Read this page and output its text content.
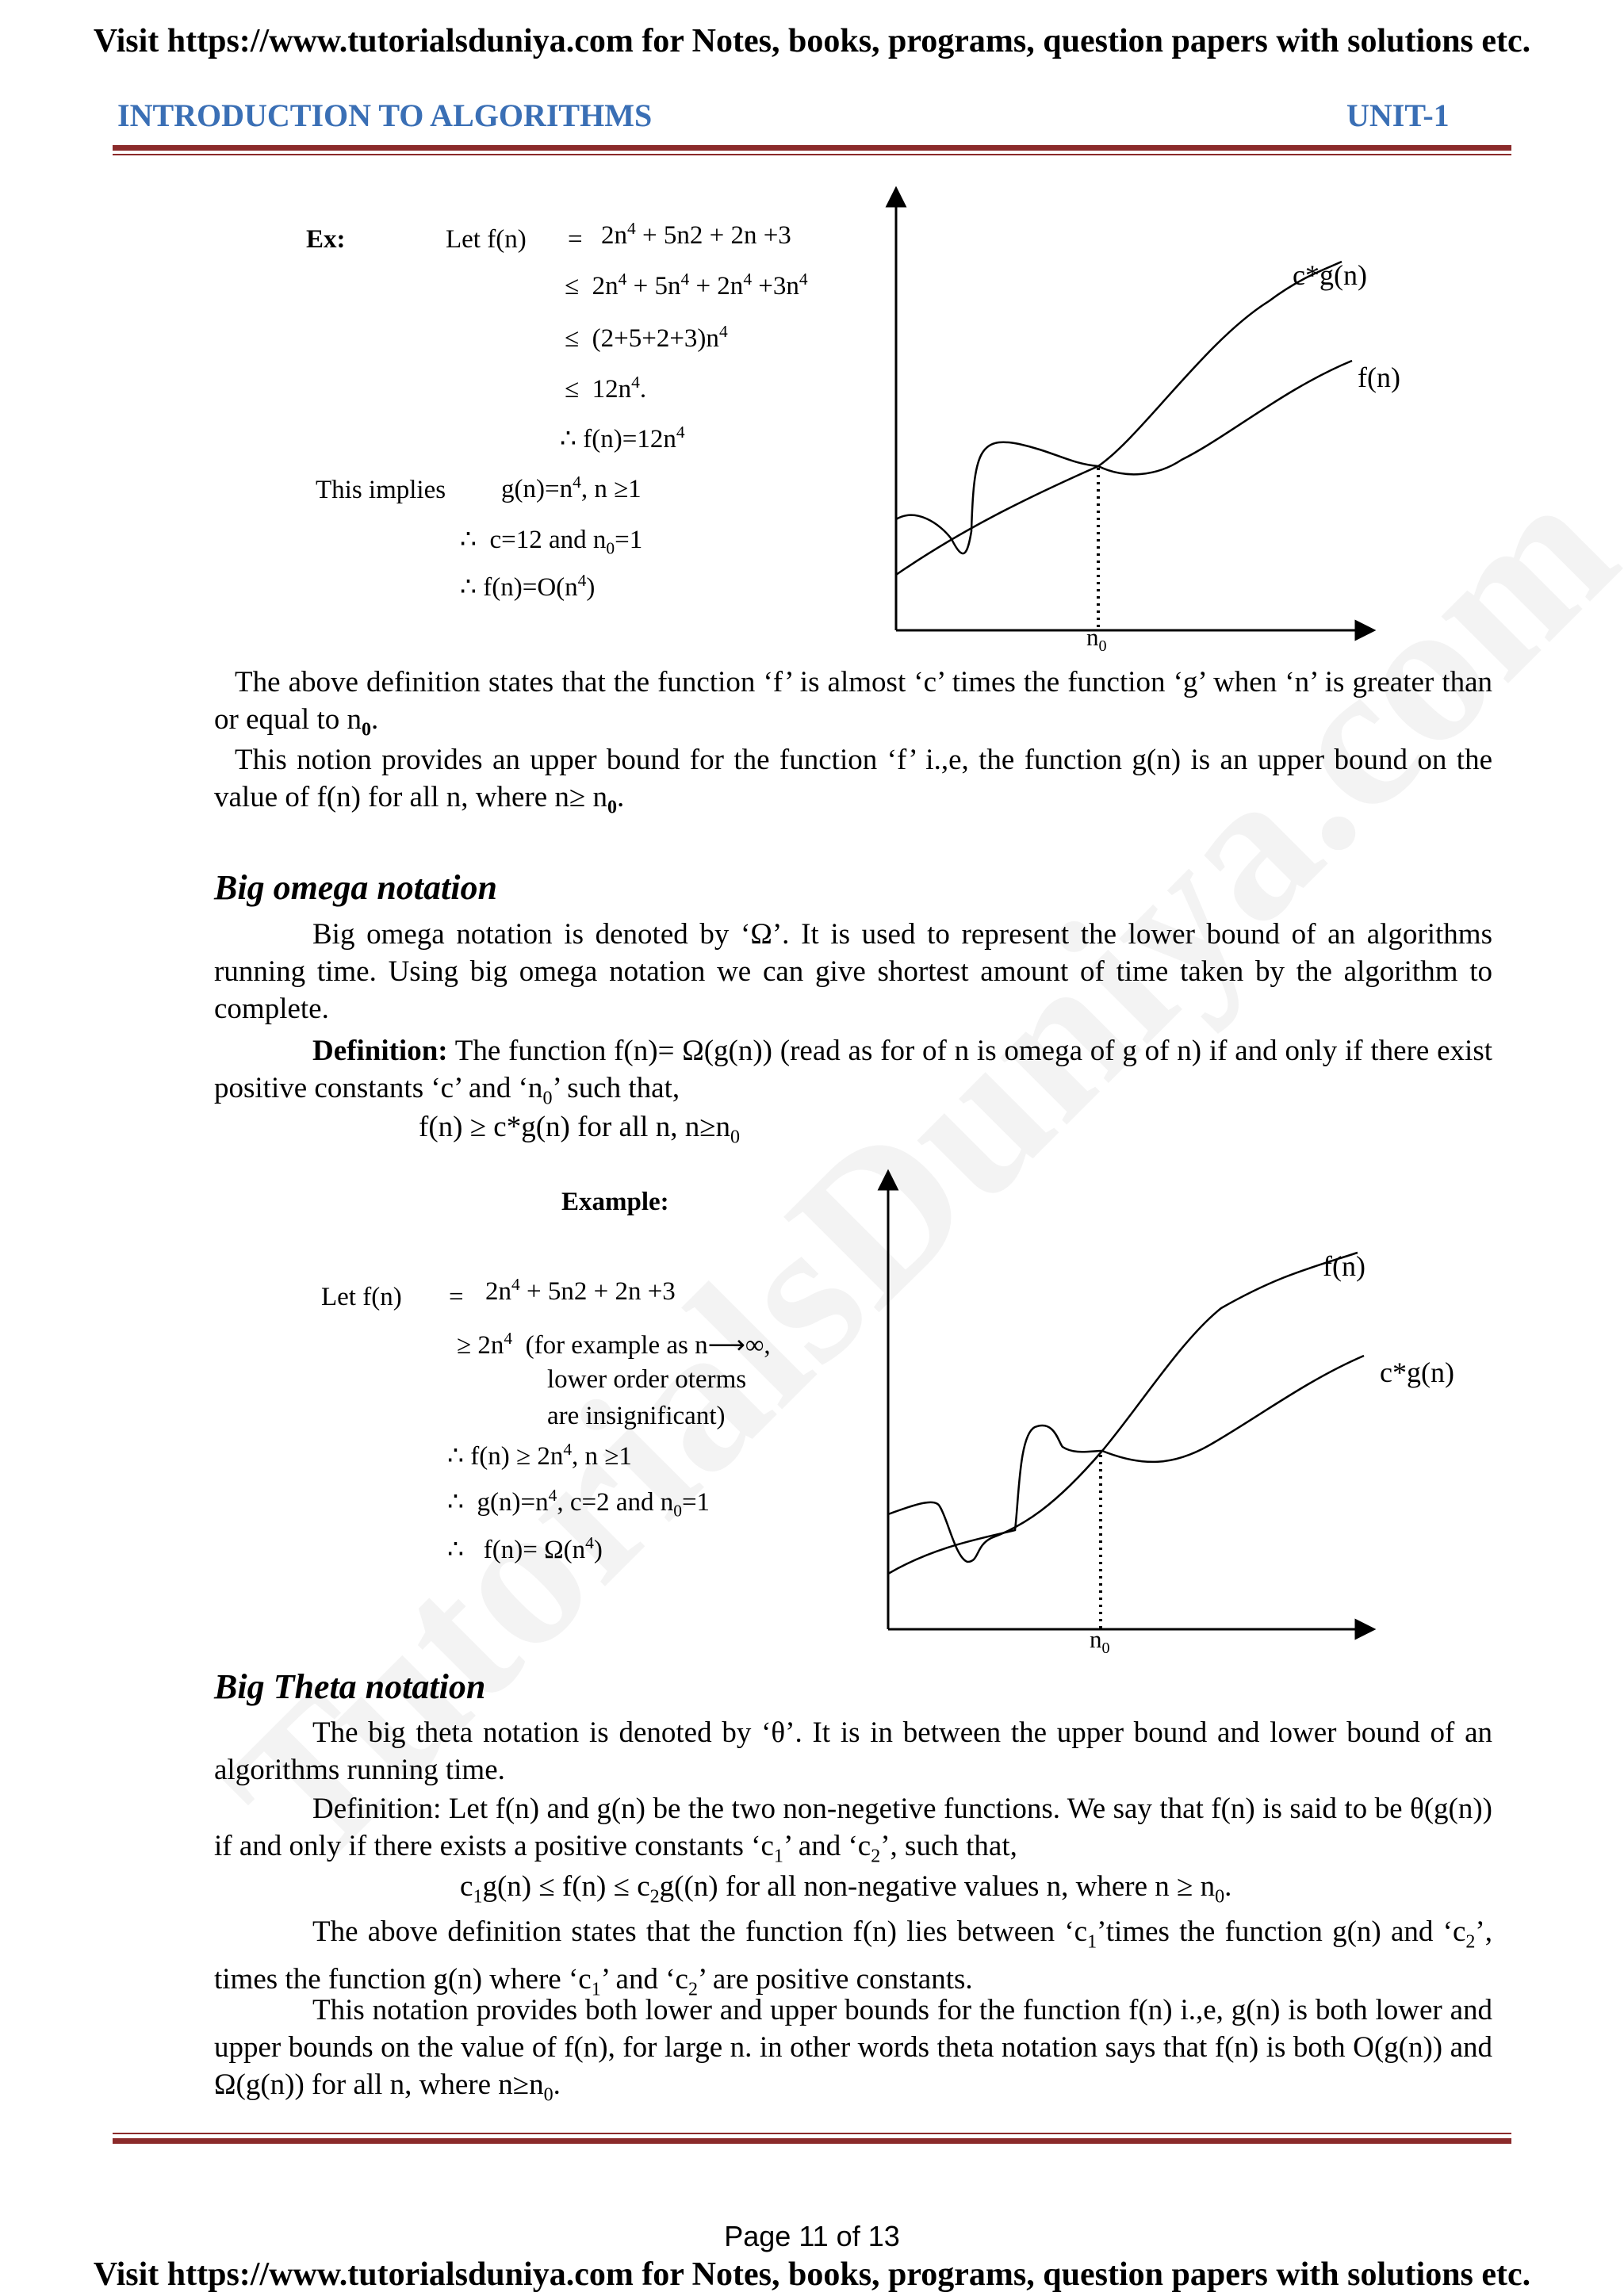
Visit https://www.tutorialsduniya.com for Notes, books, programs, question papers with solutions etc.
INTRODUCTION TO ALGORITHMS	UNIT-1
Ex:	Let $f(n) = 2n^4 + 5n2 + 2n +3$
≤  $2n^4 + 5n^4 + 2n^4 +3n^4$
≤  $(2+5+2+3)n^4$
≤  $12n^4$.
∴ $f(n)=12n^4$
This implies $g(n)=n^4$, n ≥1
∴  c=12 and $n_0=1$
∴ $f(n)=O(n^4)$
c*g(n)
f(n)
$n_0$
The above definition states that the function ‘f’ is almost ‘c’ times the function ‘g’ when ‘n’ is greater than or equal to $n_0$.
This notion provides an upper bound for the function ‘f’ i.,e, the function g(n) is an upper bound on the value of f(n) for all n, where $n\ge n_0$.
Big omega notation
Big omega notation is denoted by ‘Ω’. It is used to represent the lower bound of an algorithms running time. Using big omega notation we can give shortest amount of time taken by the algorithm to complete.
Definition: The function f(n)= Ω(g(n)) (read as for of n is omega of g of n) if and only if there exist positive constants ‘c’ and ‘$n_0$’ such that,
f(n) ≥ c*g(n) for all n, $n\ge n_0$
Example:
Let $f(n) = 2n^4 + 5n2 + 2n +3$
≥ $2n^4$  (for example as n⟶∞,
lower order oterms
are insignificant)
∴ $f(n) \ge 2n^4$, n ≥1
∴  $g(n)=n^4$, c=2 and $n_0=1$
∴   $f(n)= \Omega(n^4)$
f(n)
c*g(n)
$n_0$
Big Theta notation
The big theta notation is denoted by ‘θ’. It is in between the upper bound and lower bound of an algorithms running time.
Definition: Let f(n) and g(n) be the two non-negetive functions. We say that f(n) is said to be θ(g(n)) if and only if there exists a positive constants ‘$c_1$’ and ‘$c_2$’, such that,
$c_1g(n) \le f(n) \le c_2g((n)$ for all non-negative values n, where $n \ge n_0$.
The above definition states that the function f(n) lies between ‘$c_1’times$ the function g(n) and ‘$c_2$’, times the function g(n) where ‘$c_1$’ and ‘$c_2$’ are positive constants.
This notation provides both lower and upper bounds for the function f(n) i.,e, g(n) is both lower and upper bounds on the value of f(n), for large n. in other words theta notation says that f(n) is both O(g(n)) and Ω(g(n)) for all n, where $n\ge n_0$.
Page 11 of 13
Visit https://www.tutorialsduniya.com for Notes, books, programs, question papers with solutions etc.
